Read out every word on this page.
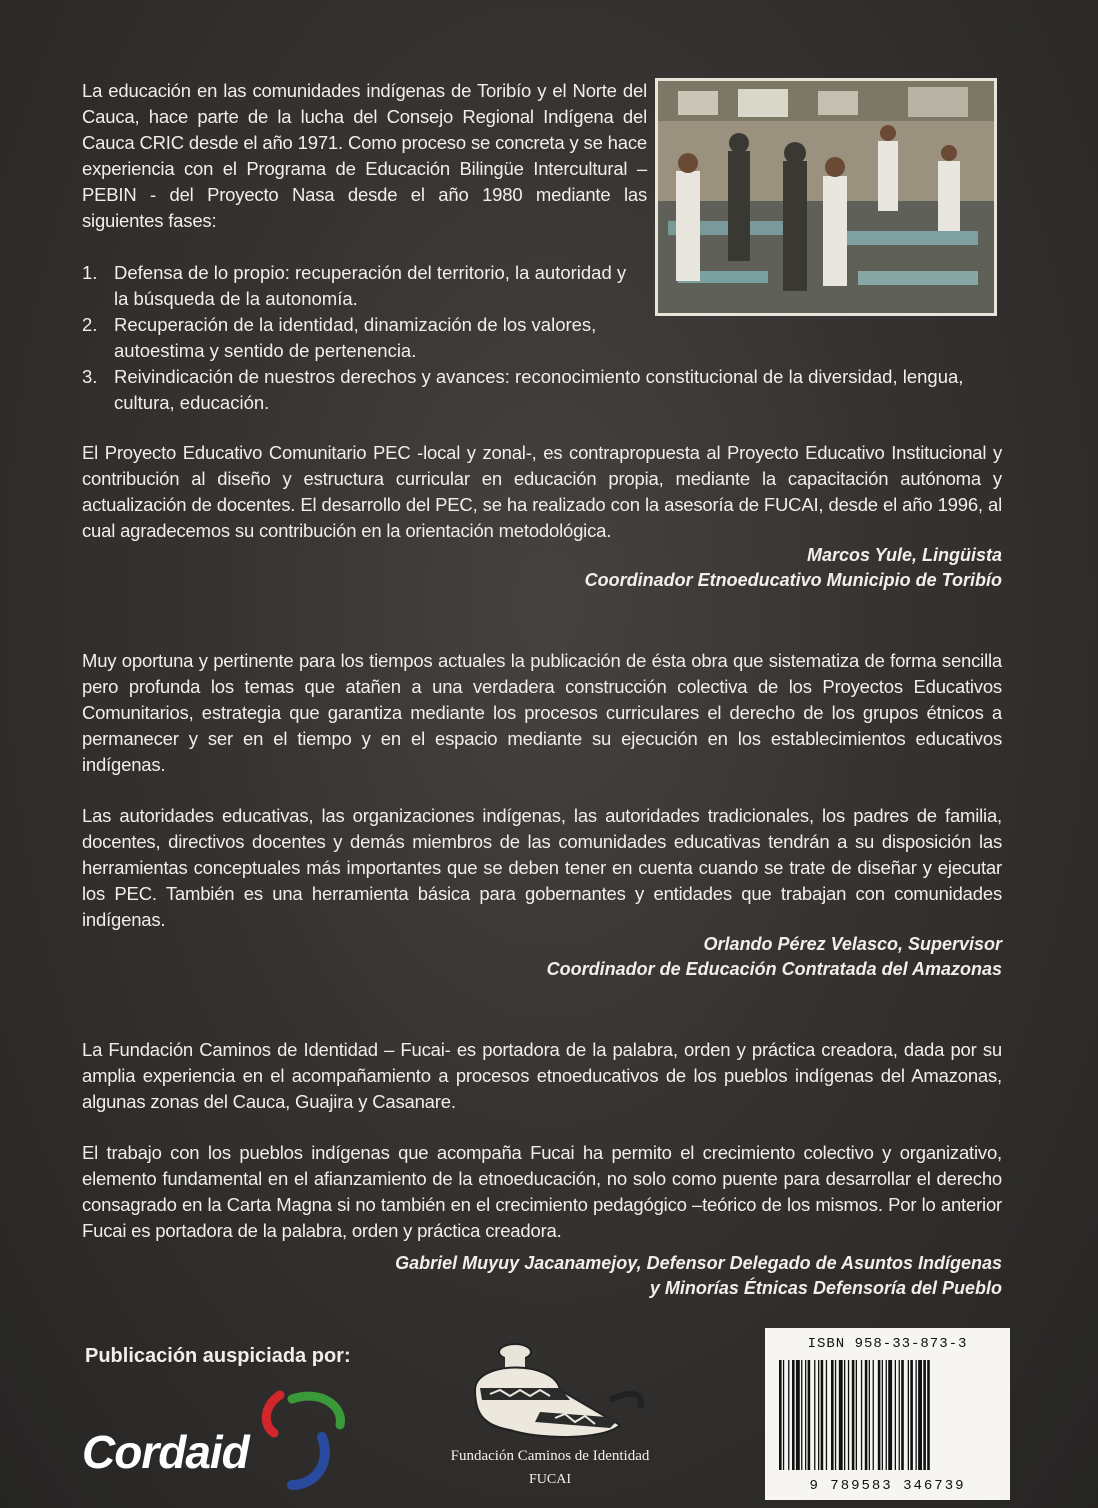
La educación en las comunidades indígenas de Toribío y el Norte del Cauca, hace parte de la lucha del Consejo Regional Indígena del Cauca CRIC desde el año 1971. Como proceso se concreta y se hace experiencia con el Programa de Educación Bilingüe Intercultural – PEBIN - del Proyecto Nasa desde el año 1980 mediante las siguientes fases:
1. Defensa de lo propio: recuperación del territorio, la autoridad y la búsqueda de la autonomía.
2. Recuperación de la identidad, dinamización de los valores, autoestima y sentido de pertenencia.
3. Reivindicación de nuestros derechos y avances: reconocimiento constitucional de la diversidad, lengua, cultura, educación.
El Proyecto Educativo Comunitario PEC -local y zonal-, es contrapropuesta al Proyecto Educativo Institucional y contribución al diseño y estructura curricular en educación propia, mediante la capacitación autónoma y actualización de docentes. El desarrollo del PEC, se ha realizado con la asesoría de FUCAI, desde el año 1996, al cual agradecemos su contribución en la orientación metodológica.
Marcos Yule, Lingüista
Coordinador Etnoeducativo Municipio de Toribío
Muy oportuna y pertinente para los tiempos actuales la publicación de ésta obra que sistematiza de forma sencilla pero profunda los temas que atañen a una verdadera construcción colectiva de los Proyectos Educativos Comunitarios, estrategia que garantiza mediante los procesos curriculares el derecho de los grupos étnicos a permanecer y ser en el tiempo y en el espacio mediante su ejecución en los establecimientos educativos indígenas.
Las autoridades educativas, las organizaciones indígenas, las autoridades tradicionales, los padres de familia, docentes, directivos docentes y demás miembros de las comunidades educativas tendrán a su disposición las herramientas conceptuales más importantes que se deben tener en cuenta cuando se trate de diseñar y ejecutar los PEC. También es una herramienta básica para gobernantes y entidades que trabajan con comunidades indígenas.
Orlando Pérez Velasco, Supervisor
Coordinador de Educación Contratada del Amazonas
La Fundación Caminos de Identidad – Fucai- es portadora de la palabra, orden y práctica creadora, dada por su amplia experiencia en el acompañamiento a procesos etnoeducativos de los pueblos indígenas del Amazonas, algunas zonas del Cauca, Guajira y Casanare.
El trabajo con los pueblos indígenas que acompaña Fucai ha permito el crecimiento colectivo y organizativo, elemento fundamental en el afianzamiento de la etnoeducación, no solo como puente para desarrollar el derecho consagrado en la Carta Magna si no también en el crecimiento pedagógico –teórico de los mismos. Por lo anterior Fucai es portadora de la palabra, orden y práctica creadora.
Gabriel Muyuy Jacanamejoy, Defensor Delegado de Asuntos Indígenas
y Minorías Étnicas Defensoría del Pueblo
Publicación auspiciada por:
Cordaid	Fundación Caminos de Identidad
FUCAI
ISBN 958-33-873-3
9 789583 346739
